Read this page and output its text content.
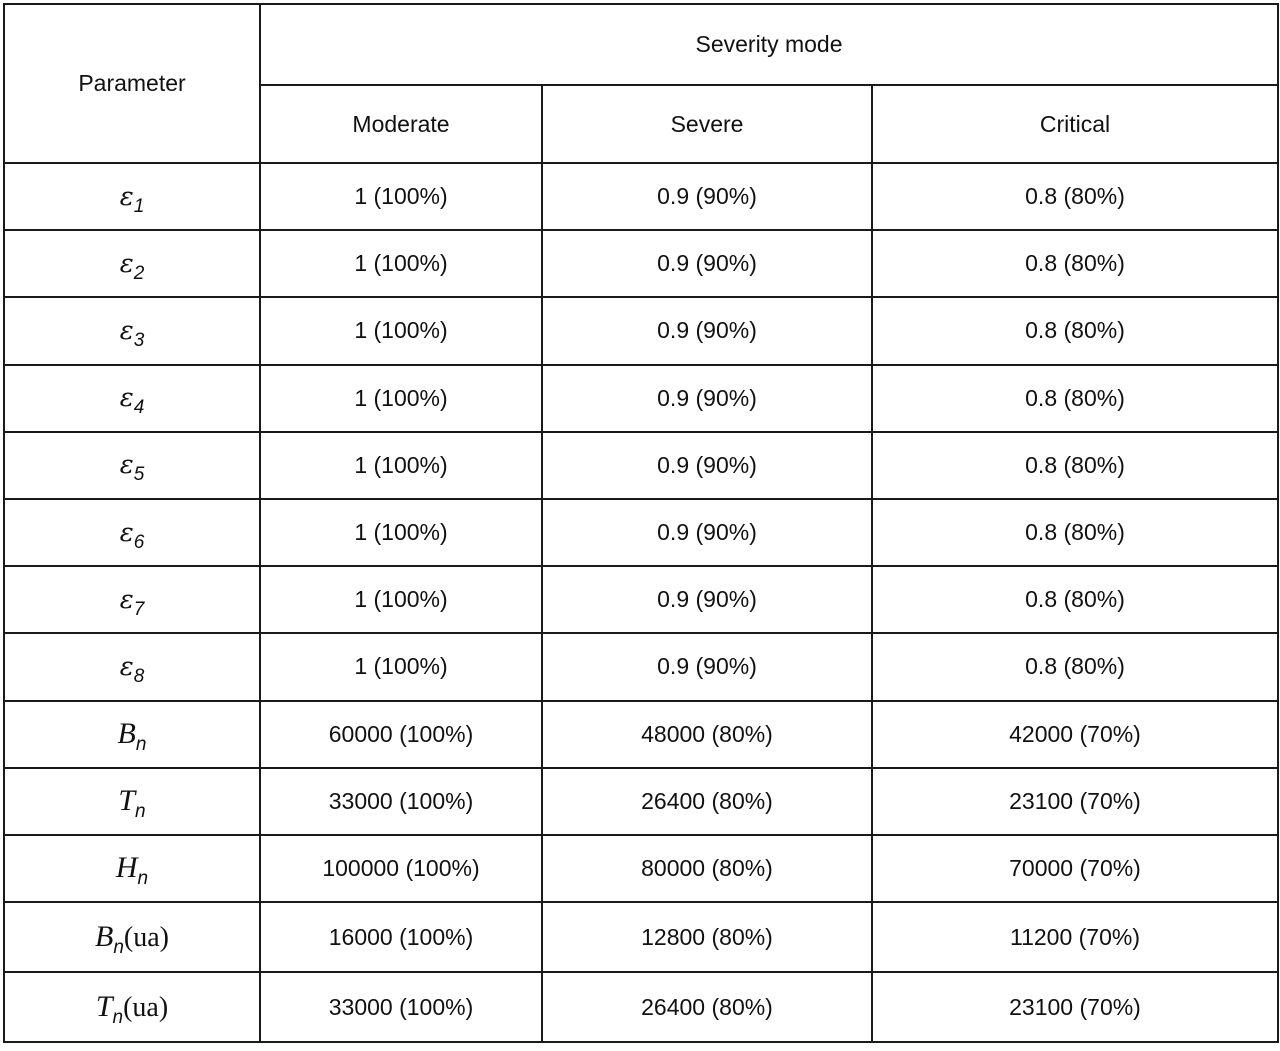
Parameter	Severity mode		
	Moderate	Severe	Critical
$\varepsilon_1$	1 (100%)	0.9 (90%)	0.8 (80%)
$\varepsilon_2$	1 (100%)	0.9 (90%)	0.8 (80%)
$\varepsilon_3$	1 (100%)	0.9 (90%)	0.8 (80%)
$\varepsilon_4$	1 (100%)	0.9 (90%)	0.8 (80%)
$\varepsilon_5$	1 (100%)	0.9 (90%)	0.8 (80%)
$\varepsilon_6$	1 (100%)	0.9 (90%)	0.8 (80%)
$\varepsilon_7$	1 (100%)	0.9 (90%)	0.8 (80%)
$\varepsilon_8$	1 (100%)	0.9 (90%)	0.8 (80%)
$B_n$	60000 (100%)	48000 (80%)	42000 (70%)
$T_n$	33000 (100%)	26400 (80%)	23100 (70%)
$H_n$	100000 (100%)	80000 (80%)	70000 (70%)
$B_n(ua)$	16000 (100%)	12800 (80%)	11200 (70%)
$T_n(ua)$	33000 (100%)	26400 (80%)	23100 (70%)
